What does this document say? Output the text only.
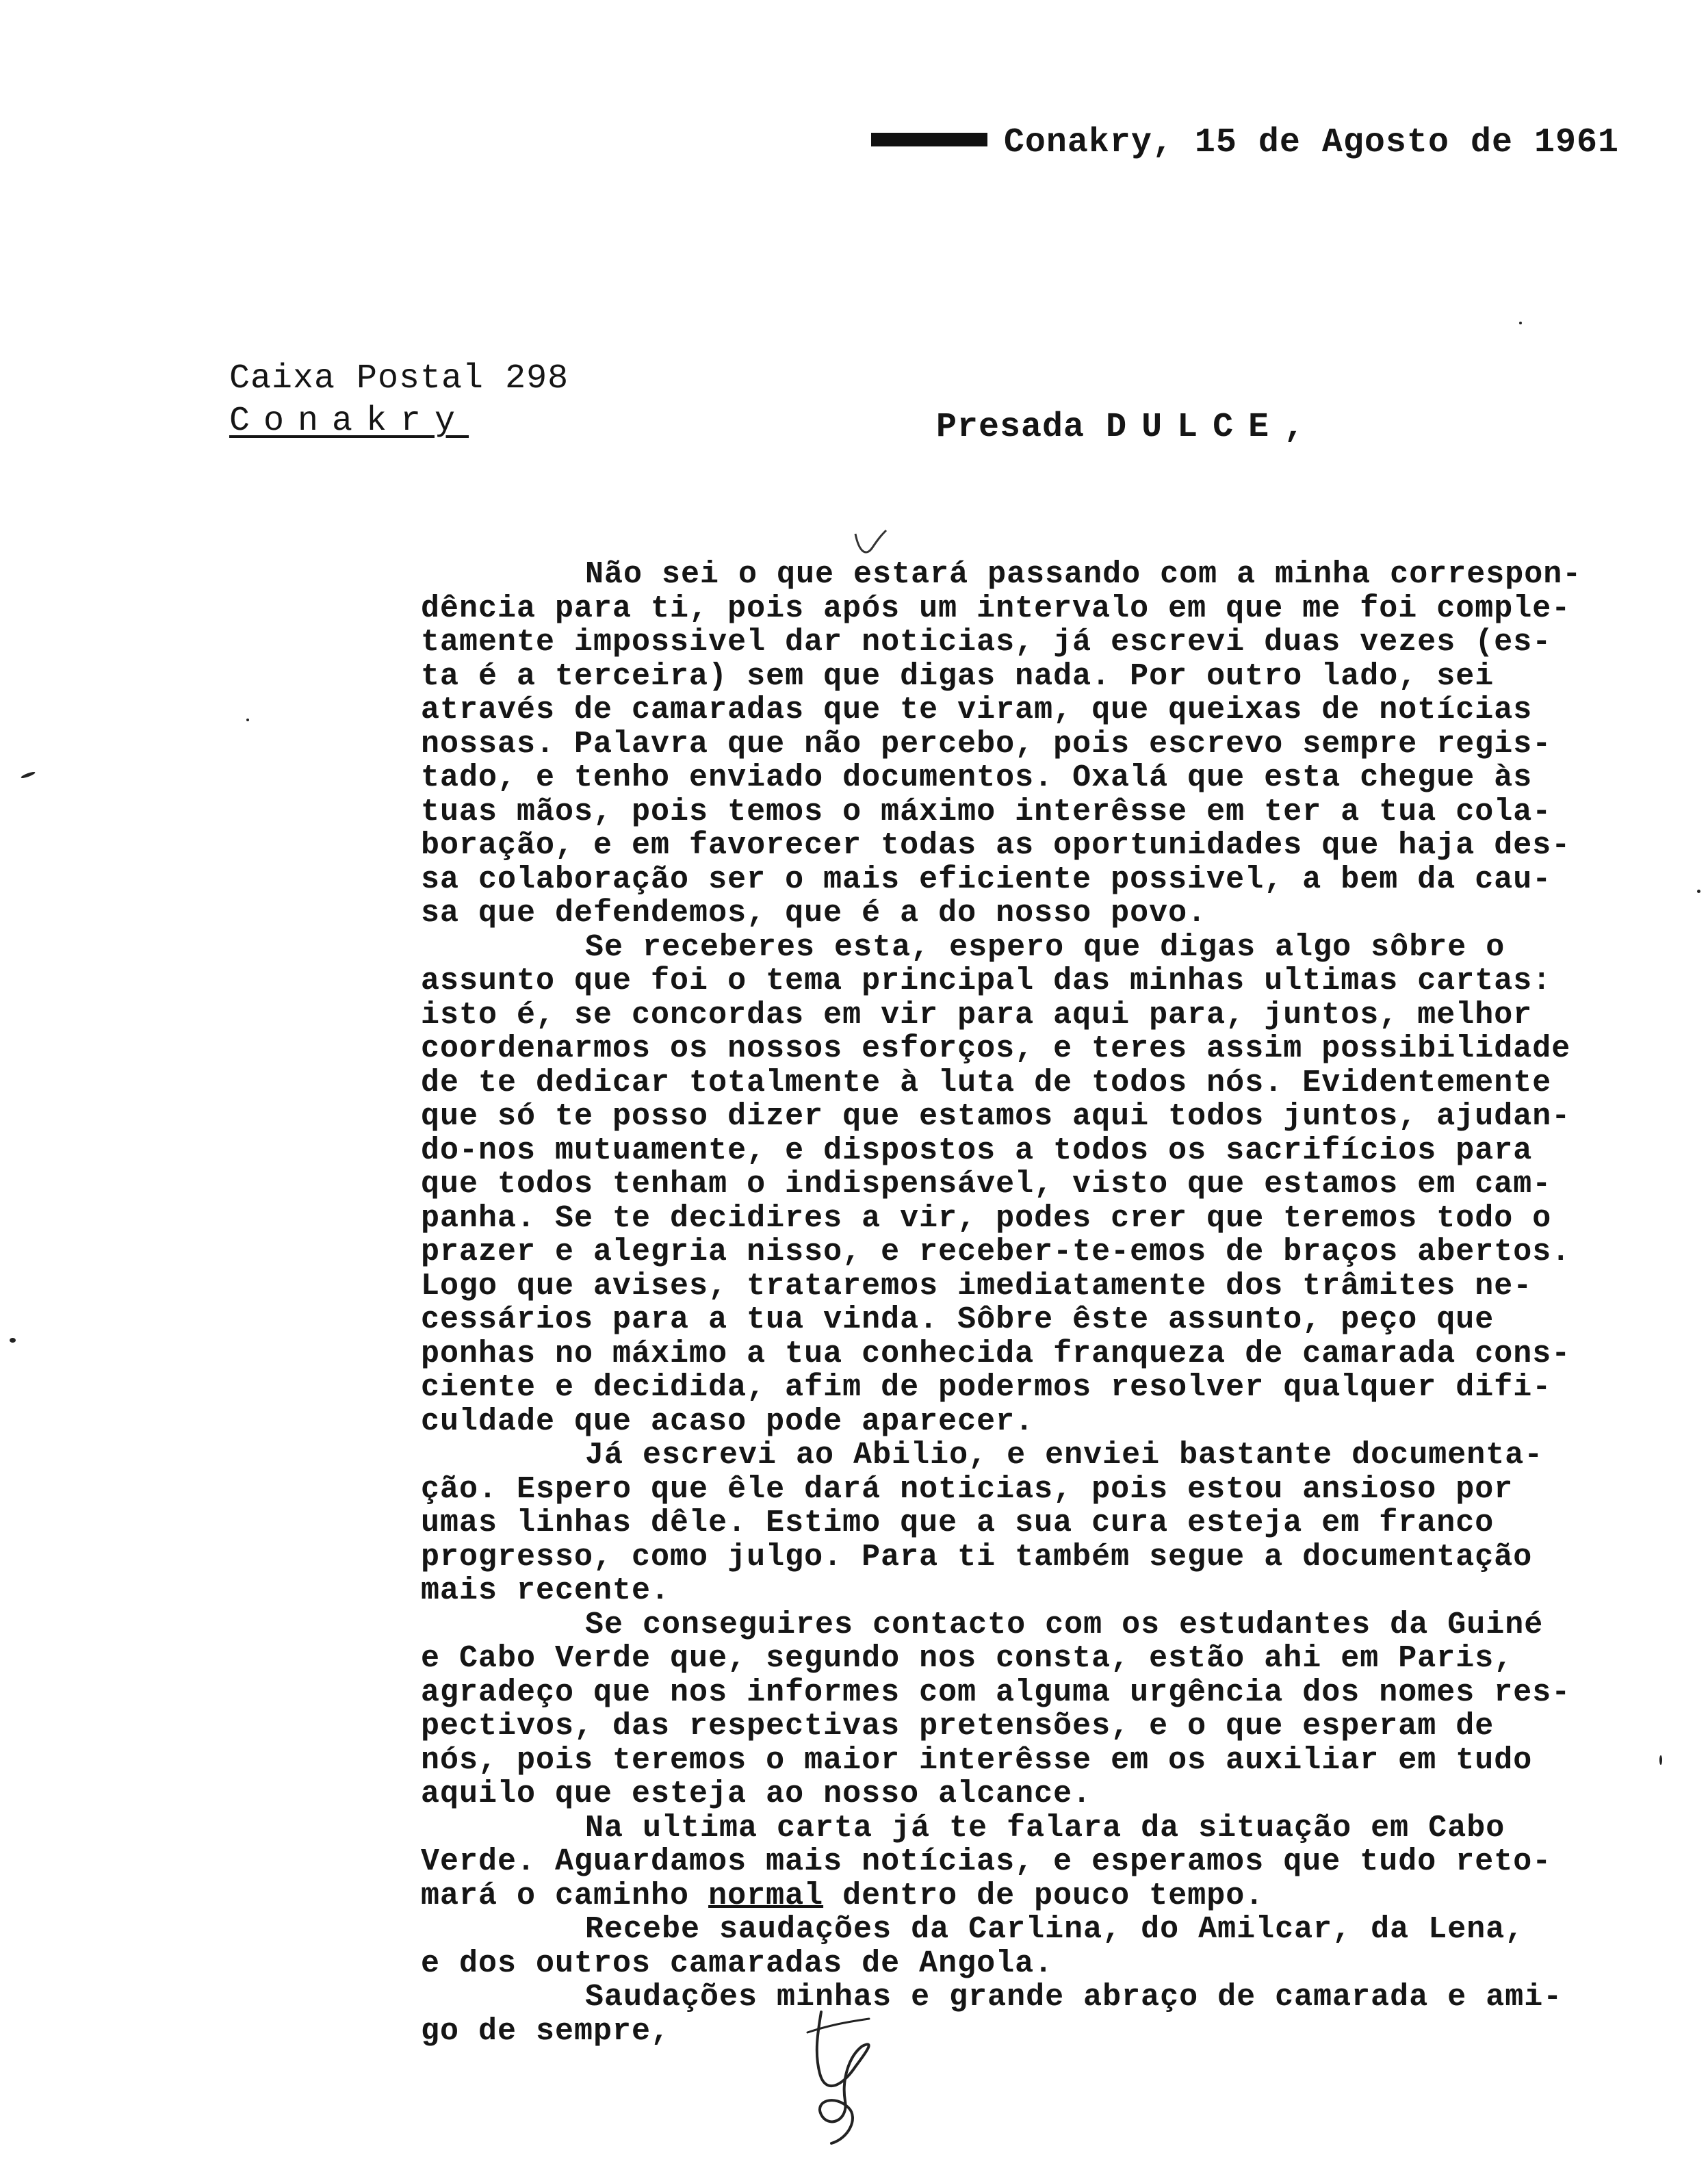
Conakry, 15 de Agosto de 1961
Caixa Postal 298
Conakry	Presada DULCE,
Não sei o que estará passando com a minha correspon-
dência para ti, pois após um intervalo em que me foi comple-
tamente impossivel dar noticias, já escrevi duas vezes (es-
ta é a terceira) sem que digas nada. Por outro lado, sei
através de camaradas que te viram, que queixas de notícias
nossas. Palavra que não percebo, pois escrevo sempre regis-
tado, e tenho enviado documentos. Oxalá que esta chegue às
tuas mãos, pois temos o máximo interêsse em ter a tua cola-
boração, e em favorecer todas as oportunidades que haja des-
sa colaboração ser o mais eficiente possivel, a bem da cau-
sa que defendemos, que é a do nosso povo.
Se receberes esta, espero que digas algo sôbre o
assunto que foi o tema principal das minhas ultimas cartas:
isto é, se concordas em vir para aqui para, juntos, melhor
coordenarmos os nossos esforços, e teres assim possibilidade
de te dedicar totalmente à luta de todos nós. Evidentemente
que só te posso dizer que estamos aqui todos juntos, ajudan-
do-nos mutuamente, e dispostos a todos os sacrifícios para
que todos tenham o indispensável, visto que estamos em cam-
panha. Se te decidires a vir, podes crer que teremos todo o
prazer e alegria nisso, e receber-te-emos de braços abertos.
Logo que avises, trataremos imediatamente dos trâmites ne-
cessários para a tua vinda. Sôbre êste assunto, peço que
ponhas no máximo a tua conhecida franqueza de camarada cons-
ciente e decidida, afim de podermos resolver qualquer difi-
culdade que acaso pode aparecer.
Já escrevi ao Abilio, e enviei bastante documenta-
ção. Espero que êle dará noticias, pois estou ansioso por
umas linhas dêle. Estimo que a sua cura esteja em franco
progresso, como julgo. Para ti também segue a documentação
mais recente.
Se conseguires contacto com os estudantes da Guiné
e Cabo Verde que, segundo nos consta, estão ahi em Paris,
agradeço que nos informes com alguma urgência dos nomes res-
pectivos, das respectivas pretensões, e o que esperam de
nós, pois teremos o maior interêsse em os auxiliar em tudo
aquilo que esteja ao nosso alcance.
Na ultima carta já te falara da situação em Cabo
Verde. Aguardamos mais notícias, e esperamos que tudo reto-
mará o caminho normal dentro de pouco tempo.
Recebe saudações da Carlina, do Amilcar, da Lena,
e dos outros camaradas de Angola.
Saudações minhas e grande abraço de camarada e ami-
go de sempre,
